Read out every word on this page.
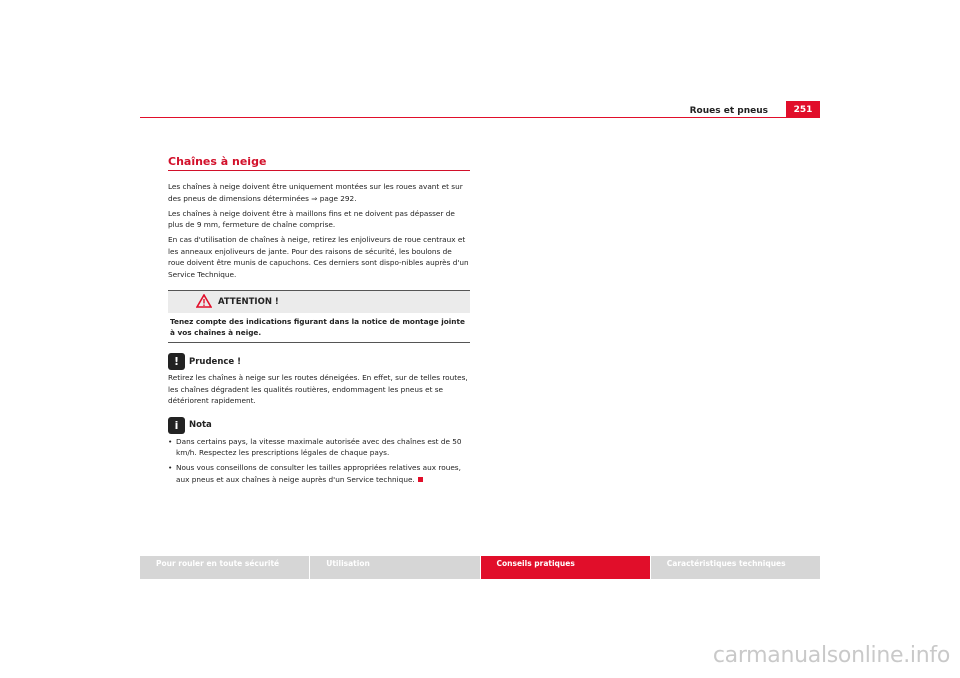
Roues et pneus	251
Chaînes à neige

Les chaînes à neige doivent être uniquement montées sur les roues avant et sur des pneus de dimensions déterminées ⇒ page 292.

Les chaînes à neige doivent être à maillons fins et ne doivent pas dépasser de plus de 9 mm, fermeture de chaîne comprise.

En cas d'utilisation de chaînes à neige, retirez les enjoliveurs de roue centraux et les anneaux enjoliveurs de jante. Pour des raisons de sécurité, les boulons de roue doivent être munis de capuchons. Ces derniers sont dispo-nibles auprès d'un Service Technique.

ATTENTION !
Tenez compte des indications figurant dans la notice de montage jointe à vos chaînes à neige.
!	Prudence !

Retirez les chaînes à neige sur les routes déneigées. En effet, sur de telles routes, les chaînes dégradent les qualités routières, endommagent les pneus et se détériorent rapidement.

i	Nota
• Dans certains pays, la vitesse maximale autorisée avec des chaînes est de 50 km/h. Respectez les prescriptions légales de chaque pays.
• Nous vous conseillons de consulter les tailles appropriées relatives aux roues, aux pneus et aux chaînes à neige auprès d'un Service technique.
Pour rouler en toute sécurité	Utilisation	Conseils pratiques	Caractéristiques techniques
carmanualsonline.info
